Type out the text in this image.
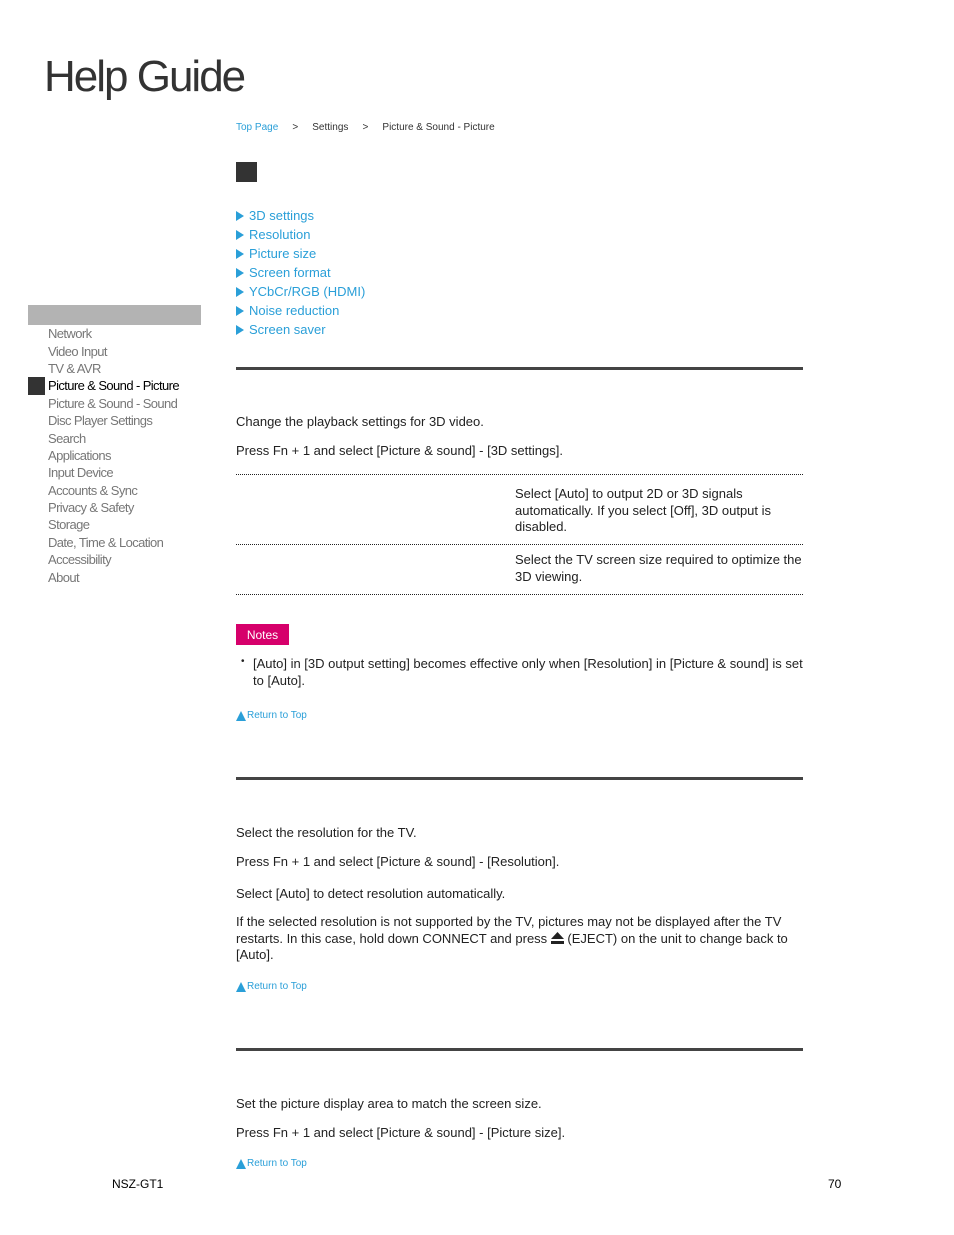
Help Guide
Top Page > Settings > Picture & Sound - Picture
3D settings
Resolution
Picture size
Screen format
YCbCr/RGB (HDMI)
Noise reduction
Screen saver
Network
Video Input
TV & AVR
Picture & Sound - Picture
Picture & Sound - Sound
Disc Player Settings
Search
Applications
Input Device
Accounts & Sync
Privacy & Safety
Storage
Date, Time & Location
Accessibility
About
Change the playback settings for 3D video.
Press Fn + 1 and select [Picture & sound] - [3D settings].
Select [Auto] to output 2D or 3D signals automatically. If you select [Off], 3D output is disabled.
Select the TV screen size required to optimize the 3D viewing.
Notes
• [Auto] in [3D output setting] becomes effective only when [Resolution] in [Picture & sound] is set to [Auto].
Return to Top
Select the resolution for the TV.
Press Fn + 1 and select [Picture & sound] - [Resolution].
Select [Auto] to detect resolution automatically.
If the selected resolution is not supported by the TV, pictures may not be displayed after the TV restarts. In this case, hold down CONNECT and press  (EJECT) on the unit to change back to [Auto].
Return to Top
Set the picture display area to match the screen size.
Press Fn + 1 and select [Picture & sound] - [Picture size].
Return to Top
NSZ-GT1	70
